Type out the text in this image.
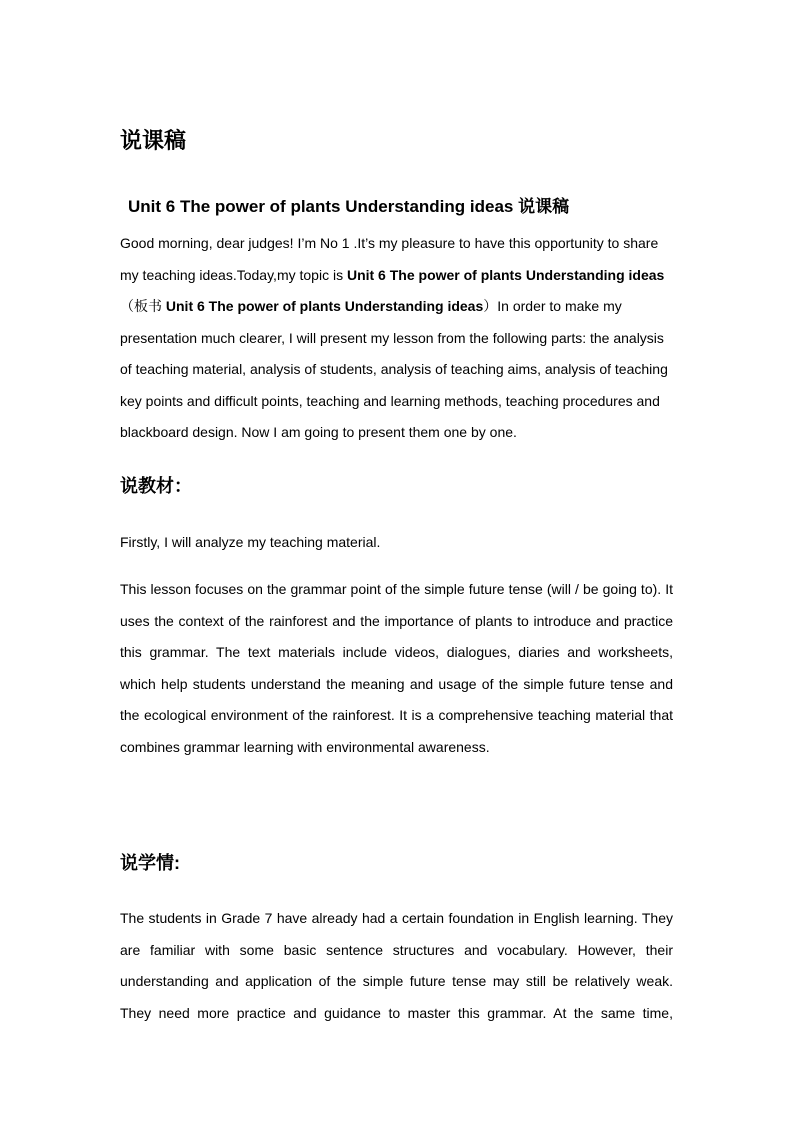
说课稿
Unit 6 The power of plants Understanding ideas 说课稿

Good morning, dear judges! I’m No 1 .It’s my pleasure to have this opportunity to share my teaching ideas.Today,my topic is Unit 6 The power of plants Understanding ideas（板书 Unit 6 The power of plants Understanding ideas）In order to make my presentation much clearer, I will present my lesson from the following parts: the analysis of teaching material, analysis of students, analysis of teaching aims, analysis of teaching key points and difficult points, teaching and learning methods, teaching procedures and blackboard design. Now I am going to present them one by one.

说教材：

Firstly, I will analyze my teaching material.

This lesson focuses on the grammar point of the simple future tense (will / be going to). It uses the context of the rainforest and the importance of plants to introduce and practice this grammar. The text materials include videos, dialogues, diaries and worksheets, which help students understand the meaning and usage of the simple future tense and the ecological environment of the rainforest. It is a comprehensive teaching material that combines grammar learning with environmental awareness.

说学情:

The students in Grade 7 have already had a certain foundation in English learning. They are familiar with some basic sentence structures and vocabulary. However, their understanding and application of the simple future tense may still be relatively weak. They need more practice and guidance to master this grammar. At the same time,
